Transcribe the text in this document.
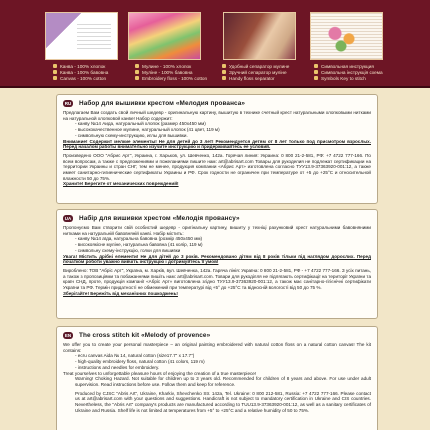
Канва - 100% хлопок
Канва - 100% бавовна
Canvas - 100% cotton
Мулине - 100% хлопок
Муліне - 100% бавовна
Embroidery floss - 100% cotton
Удобный сепаратор мулине
Зручний сепаратор муліне
Handy floss separator
Символьная инструкция
Символьна інструкція схема
Symbols Key to stitch
RU Набор для вышивки крестом «Мелодия прованса»

Предлагаем Вам создать свой личный шедевр - оригинальную картину, вышитую в технике счетный крест натуральными хлопковыми нитками на натуральной хлопковой канве! Набор содержит:

- канву №14 Аида, натуральный хлопок (размер 450х450 мм)

- высококачественное мулине, натуральный хлопок (41 цвет, 119 м)

- символьную схему-инструкцию, иглы для вышивки.

Внимание! Содержит мелкие элементы! Не для детей до 3 лет! Рекомендуется детям от 8 лет только под присмотром взрослых. Перед началом работы внимательно изучите инструкцию и придерживайтесь ее условий.

Произведено ООО "Абрис Арт", Украина, г. Харьков, ул. Шевченко, 142а. Горячая линия: Украина: 0 800 21-2-581, РФ: +7 4722 777-166. По всем вопросам, а также с предложениями и пожеланиями пишите нам: art@abrisart.com Товары для рукоделия не подлежат сертификации на территории Украины и стран СНГ, тем не менее, продукция компании «Абрис Арт» изготовлена согласно ТУУ13.9-37363920-001:12, а также имеет санитарно-гигиенические сертификаты Украины и РФ. Срок годности не ограничен при температуре от +5 до +25°С и относительной влажности 50 до 75%.

Храните! Берегите от механических повреждений!

UA Набір для вишивки хрестом «Мелодія провансу»

Пропонуємо Вам створити свій особистий шедевр - оригінальну картину, вишиту у техніці рахунковий хрест натуральними бавовняними нитками на натуральній бавовняній канві. Набір містить:

- канву №14 аїда, натуральна бавовна (розмір 450х450 мм)

- високоякісне муліне, натуральна бавовна (41 колір, 119 м)

- символьну схему-інструкцію, голки для вишивки

Увага! Містить дрібні елементи! Не для дітей до 3 років. Рекомендовано дітям від 8 років тільки під наглядом дорослих. Перед початком роботи уважно вивчіть інструкцію і дотримуйтесь її умов!

Вироблено: ТОВ "Абріс Арт", Україна, м. Харків, вул. Шевченка, 142а. Гаряча лінія: Україна: 0 800 21-2-581, РФ - +7 4722 777-166. З усіх питань, а також з пропозиціями та побажаннями пишіть нам: art@abrisart.com. Товари для рукоділля не підлягають сертифікації на території України та країн СНД, проте, продукція компанії «Абріс Арт» виготовлена згідно ТУУ13.9-37363920-001:12, а також має санітарно-гігієнічні сертифікати України та РФ. Термін придатності не обмежений при температурі від +5° до +25°С та відносній вологості від 50 до 75 %.

Зберігайте! Бережіть від механічних пошкоджень!

EN The cross stitch kit «Melody of provence»

We offer you to create your personal masterpiece – an original painting embroidered with natural cotton floss on a natural cotton canvas! The kit contains:

- ecru canvas Aida № 14, natural cotton (size17.7" x 17.7")

- high-quality embroidery floss, natural cotton (41 colors, 119 m)

- instructions and needles for embroidery.

Treat yourselves to unforgettable pleasure hours of enjoying the creation of a true masterpiece!

Warning! Choking Hazard. Not suitable for children up to 3 years old. Recommended for children of 8 years and above. For use under adult supervision. Read instructions before use. Follow them and keep for reference.

Produced by CJSC "Abris Art", Ukraine, Kharkiv, Shevchenko Str. 142a, Tel. Ukraine: 0 800 212-581, Russia: +7 4722 777-166. Please contact us at art@abrisart.com with your questions and suggestions. Handicraft is not subject to mandatory certification in Ukraine and CIS countries. Nevertheless, the "Abris Art" company's products are manufactured according to TUU13.9-37363920-001:12, as well as a sanitary certificates of Ukraine and Russia. Shelf life is not limited at temperatures from +5° to +25°C and a relative humidity of 50 to 75%.
